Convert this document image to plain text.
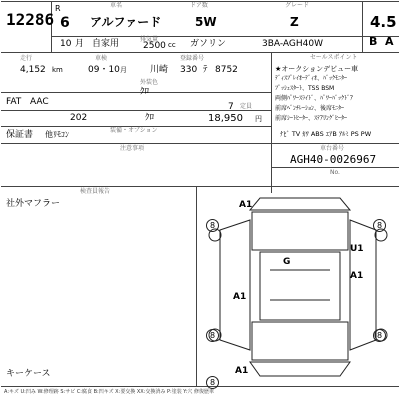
12286
R
6
車名
アルファード
ドア数
5W
グレード
Z	4.5
10 月 自家用	排気量
2500 cc ガソリン	3BA-AGH40W	B A
走行
4,152 km
車検
09・10 月
登録番号
川崎 330 ﾃ 8752
FAT AAC
外装色
ｸﾛ
定員
7
202	ｸﾛ	18,950 円
装備・オプション
保証書 他ﾘﾓｺﾝ
セールスポイント
★オークションデビュー車
ﾃﾞｨｽﾌﾟﾚｲｵｰﾃﾞｨｵ、ﾊﾞｯｸﾓﾆﾀｰ
ﾌﾟｯｼｭｽﾀｰﾄ、TSS BSM
両側ﾊﾟﾜｰｽﾗｲﾄﾞ、ﾊﾟﾜｰﾊﾞｯｸﾄﾞｱ
前席ﾍﾞﾝﾁﾚｰｼｮﾝ、後席ﾓﾆﾀｰ
前席ｼｰﾄﾋｰﾀｰ、ｽﾃｱﾘﾝｸﾞﾋｰﾀｰ
ﾅﾋﾞ TV ｶﾜ ABS ｴｱB ｱﾙﾐ PS PW
注意事項	車台番号
AGH40-0026967
No.
検査員報告
社外マフラー
キーケース
8	8
8	8
8
A1
U1
G
A1
A1
A1
A:キズ U:凹み W:修理跡 S:サビ C:腐食 B:凹キズ X:要交換 XX:交換済み P:塗装 Y:穴 修復歴車
